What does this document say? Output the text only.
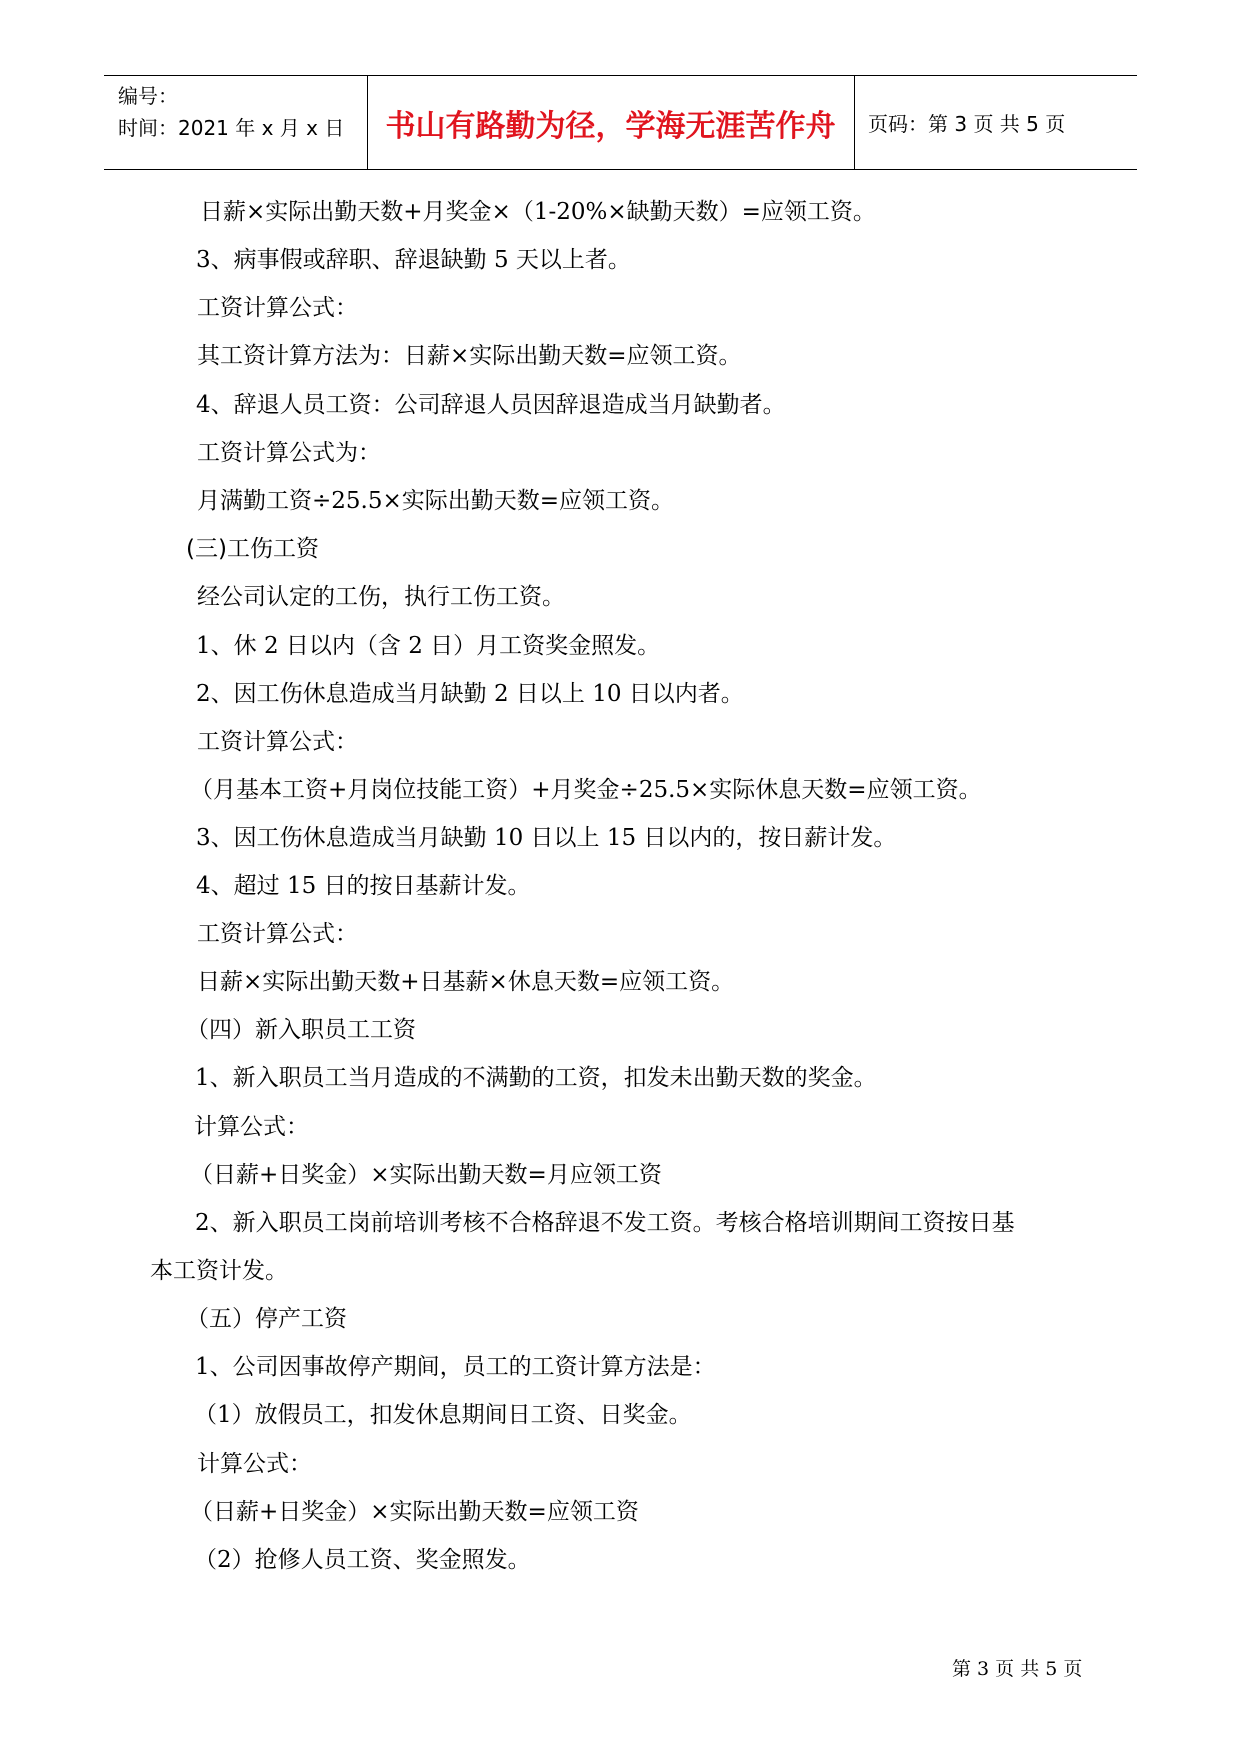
编号：
时间：2021 年 x 月 x 日	书山有路勤为径，学海无涯苦作舟	页码：第 3 页 共 5 页
日薪×实际出勤天数+月奖金×（1-20%×缺勤天数）=应领工资。
3、病事假或辞职、辞退缺勤 5 天以上者。
工资计算公式：
其工资计算方法为：日薪×实际出勤天数=应领工资。
4、辞退人员工资：公司辞退人员因辞退造成当月缺勤者。
工资计算公式为：
月满勤工资÷25.5×实际出勤天数=应领工资。
(三)工伤工资
经公司认定的工伤，执行工伤工资。
1、休 2 日以内（含 2 日）月工资奖金照发。
2、因工伤休息造成当月缺勤 2 日以上 10 日以内者。
工资计算公式：
（月基本工资+月岗位技能工资）+月奖金÷25.5×实际休息天数=应领工资。
3、因工伤休息造成当月缺勤 10 日以上 15 日以内的，按日薪计发。
4、超过 15 日的按日基薪计发。
工资计算公式：
日薪×实际出勤天数+日基薪×休息天数=应领工资。
（四）新入职员工工资
1、新入职员工当月造成的不满勤的工资，扣发未出勤天数的奖金。
计算公式：
（日薪+日奖金）×实际出勤天数=月应领工资
2、新入职员工岗前培训考核不合格辞退不发工资。考核合格培训期间工资按日基
本工资计发。
（五）停产工资
1、公司因事故停产期间，员工的工资计算方法是：
（1）放假员工，扣发休息期间日工资、日奖金。
计算公式：
（日薪+日奖金）×实际出勤天数=应领工资
（2）抢修人员工资、奖金照发。
第 3 页 共 5 页
